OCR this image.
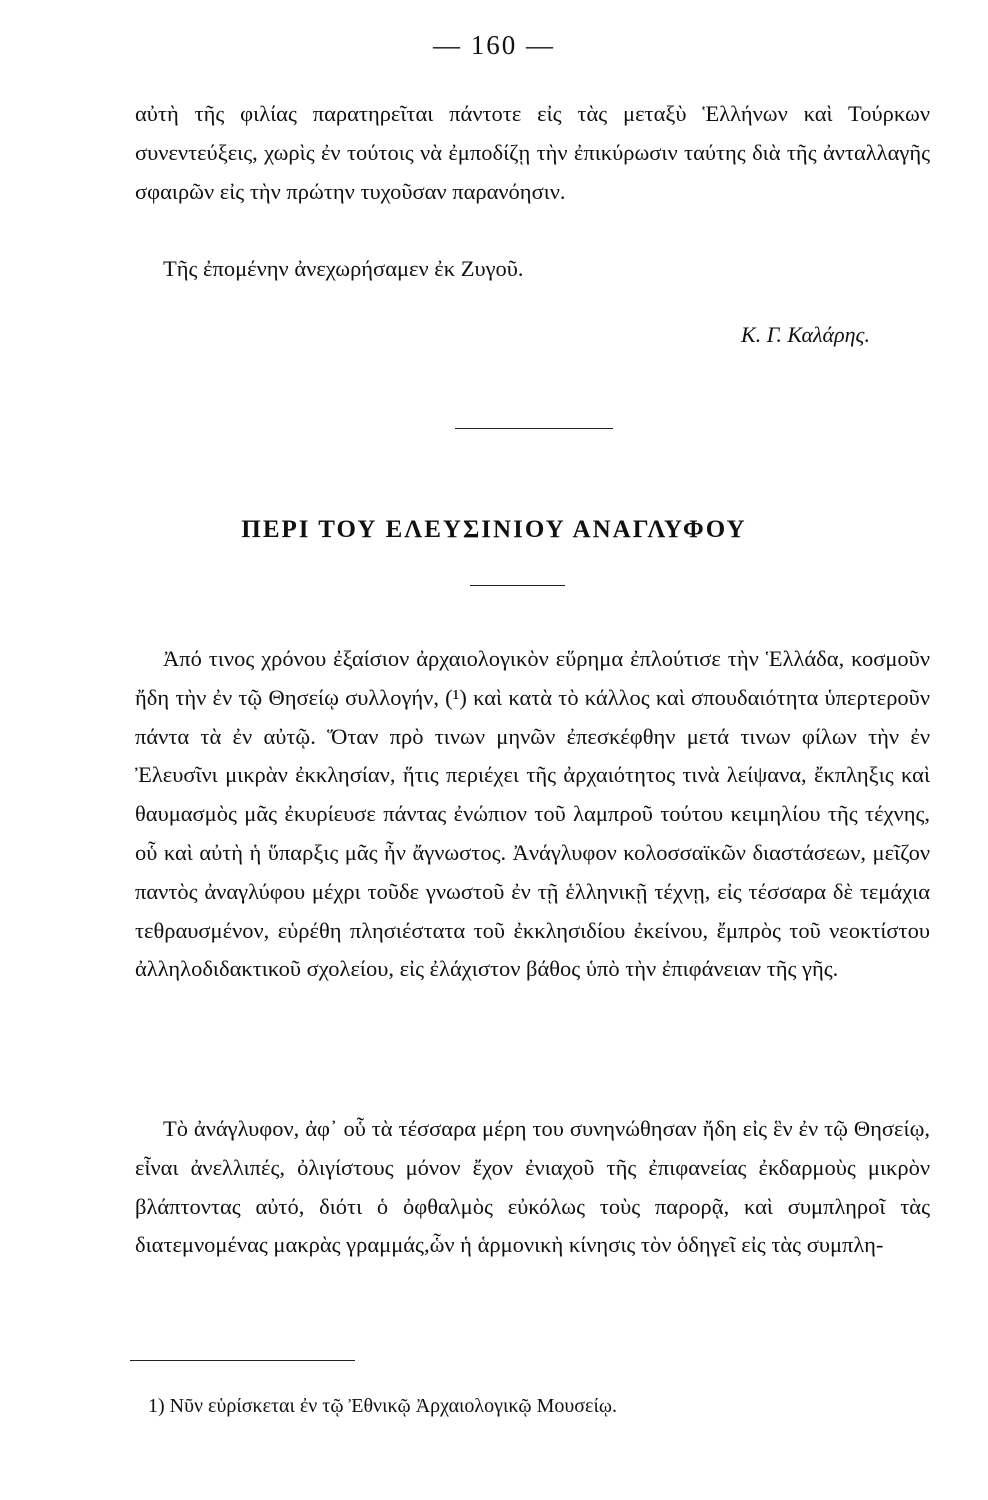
— 160 —

αὐτὴ τῆς φιλίας παρατηρεῖται πάντοτε εἰς τὰς μεταξὺ Ἑλλήνων καὶ Τούρκων συνεντεύξεις, χωρὶς ἐν τούτοις νὰ ἐμποδίζῃ τὴν ἐπικύρωσιν ταύτης διὰ τῆς ἀνταλλαγῆς σφαιρῶν εἰς τὴν πρώτην τυχοῦσαν παρανόησιν.

Τῆς ἐπομένην ἀνεχωρήσαμεν ἐκ Ζυγοῦ.

Κ. Γ. Καλάρης.
ΠΕΡΙ ΤΟΥ ΕΛΕΥΣΙΝΙΟΥ ΑΝΑΓΛΥΦΟΥ

Ἀπό τινος χρόνου ἐξαίσιον ἀρχαιολογικὸν εὕρημα ἐπλούτισε τὴν Ἑλλάδα, κοσμοῦν ἤδη τὴν ἐν τῷ Θησείῳ συλλογήν, (¹) καὶ κατὰ τὸ κάλλος καὶ σπουδαιότητα ὑπερτεροῦν πάντα τὰ ἐν αὐτῷ. Ὅταν πρὸ τινων μηνῶν ἐπεσκέφθην μετά τινων φίλων τὴν ἐν Ἐλευσῖνι μικρὰν ἐκκλησίαν, ἥτις περιέχει τῆς ἀρχαιότητος τινὰ λείψανα, ἔκπληξις καὶ θαυμασμὸς μᾶς ἐκυρίευσε πάντας ἐνώπιον τοῦ λαμπροῦ τούτου κειμηλίου τῆς τέχνης, οὗ καὶ αὐτὴ ἡ ὕπαρξις μᾶς ἦν ἄγνωστος. Ἀνάγλυφον κολοσσαϊκῶν διαστάσεων, μεῖζον παντὸς ἀναγλύφου μέχρι τοῦδε γνωστοῦ ἐν τῇ ἑλληνικῇ τέχνῃ, εἰς τέσσαρα δὲ τεμάχια τεθραυσμένον, εὑρέθη πλησιέστατα τοῦ ἐκκλησιδίου ἐκείνου, ἔμπρὸς τοῦ νεοκτίστου ἀλληλοδιδακτικοῦ σχολείου, εἰς ἐλάχιστον βάθος ὑπὸ τὴν ἐπιφάνειαν τῆς γῆς.

Τὸ ἀνάγλυφον, ἀφ᾽ οὗ τὰ τέσσαρα μέρη του συνηνώθησαν ἤδη εἰς ἓν ἐν τῷ Θησείῳ, εἶναι ἀνελλιπές, ὀλιγίστους μόνον ἔχον ἐνιαχοῦ τῆς ἐπιφανείας ἐκδαρμοὺς μικρὸν βλάπτοντας αὐτό, διότι ὁ ὀφθαλμὸς εὐκόλως τοὺς παρορᾷ, καὶ συμπληροῖ τὰς διατεμνομένας μακρὰς γραμμάς,ὧν ἡ ἁρμονικὴ κίνησις τὸν ὁδηγεῖ εἰς τὰς συμπλη-

1) Νῦν εὑρίσκεται ἐν τῷ Ἐθνικῷ Ἀρχαιολογικῷ Μουσείῳ.
